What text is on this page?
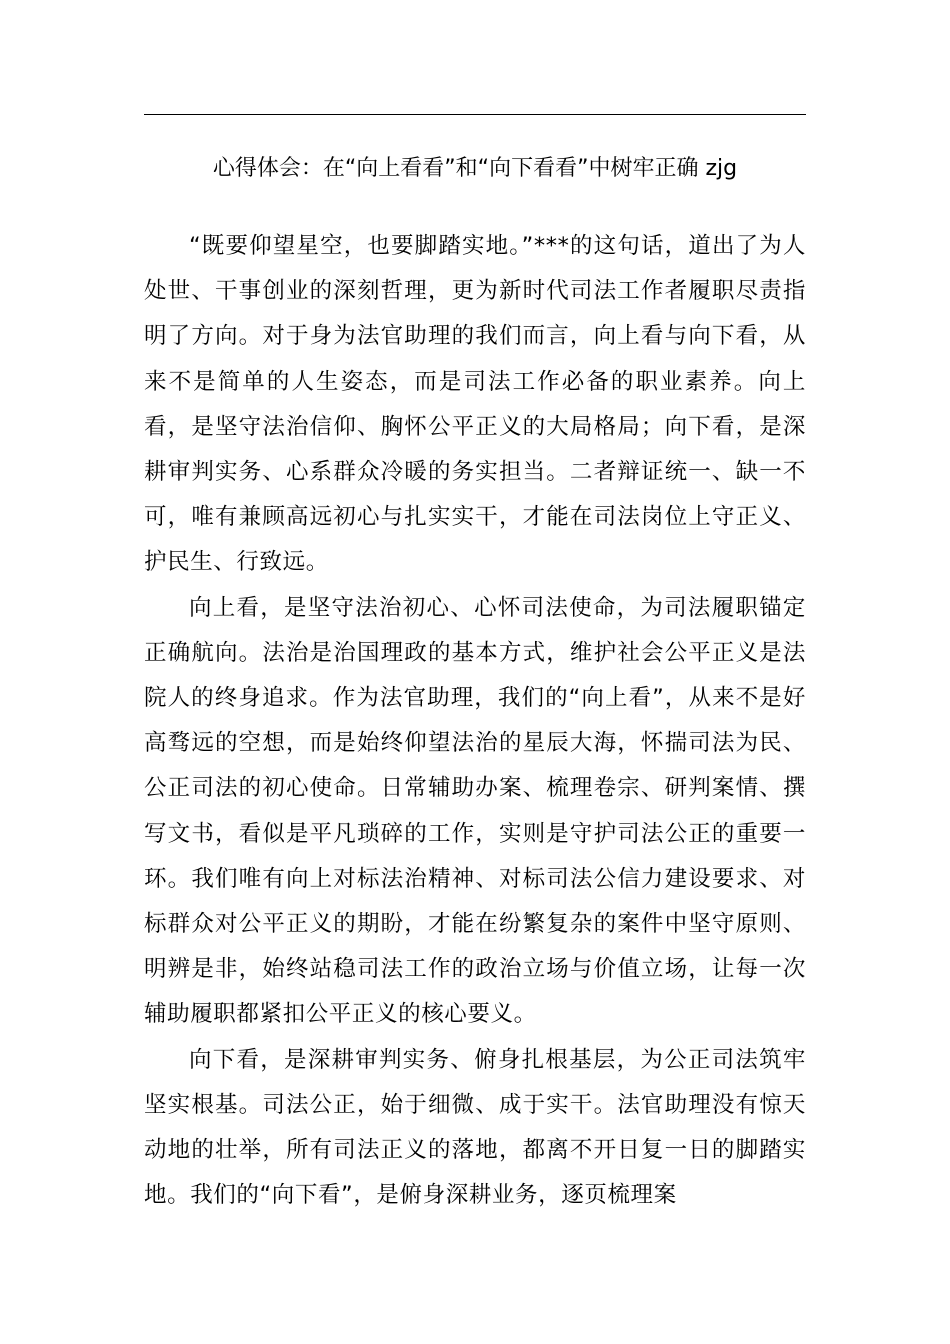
心得体会：在“向上看看”和“向下看看”中树牢正确 zjg

“既要仰望星空，也要脚踏实地。”***的这句话，道出了为人处世、干事创业的深刻哲理，更为新时代司法工作者履职尽责指明了方向。对于身为法官助理的我们而言，向上看与向下看，从来不是简单的人生姿态，而是司法工作必备的职业素养。向上看，是坚守法治信仰、胸怀公平正义的大局格局；向下看，是深耕审判实务、心系群众冷暖的务实担当。二者辩证统一、缺一不可，唯有兼顾高远初心与扎实实干，才能在司法岗位上守正义、护民生、行致远。

向上看，是坚守法治初心、心怀司法使命，为司法履职锚定正确航向。法治是治国理政的基本方式，维护社会公平正义是法院人的终身追求。作为法官助理，我们的“向上看”，从来不是好高骛远的空想，而是始终仰望法治的星辰大海，怀揣司法为民、公正司法的初心使命。日常辅助办案、梳理卷宗、研判案情、撰写文书，看似是平凡琐碎的工作，实则是守护司法公正的重要一环。我们唯有向上对标法治精神、对标司法公信力建设要求、对标群众对公平正义的期盼，才能在纷繁复杂的案件中坚守原则、明辨是非，始终站稳司法工作的政治立场与价值立场，让每一次辅助履职都紧扣公平正义的核心要义。

向下看，是深耕审判实务、俯身扎根基层，为公正司法筑牢坚实根基。司法公正，始于细微、成于实干。法官助理没有惊天动地的壮举，所有司法正义的落地，都离不开日复一日的脚踏实地。我们的“向下看”，是俯身深耕业务，逐页梳理案
